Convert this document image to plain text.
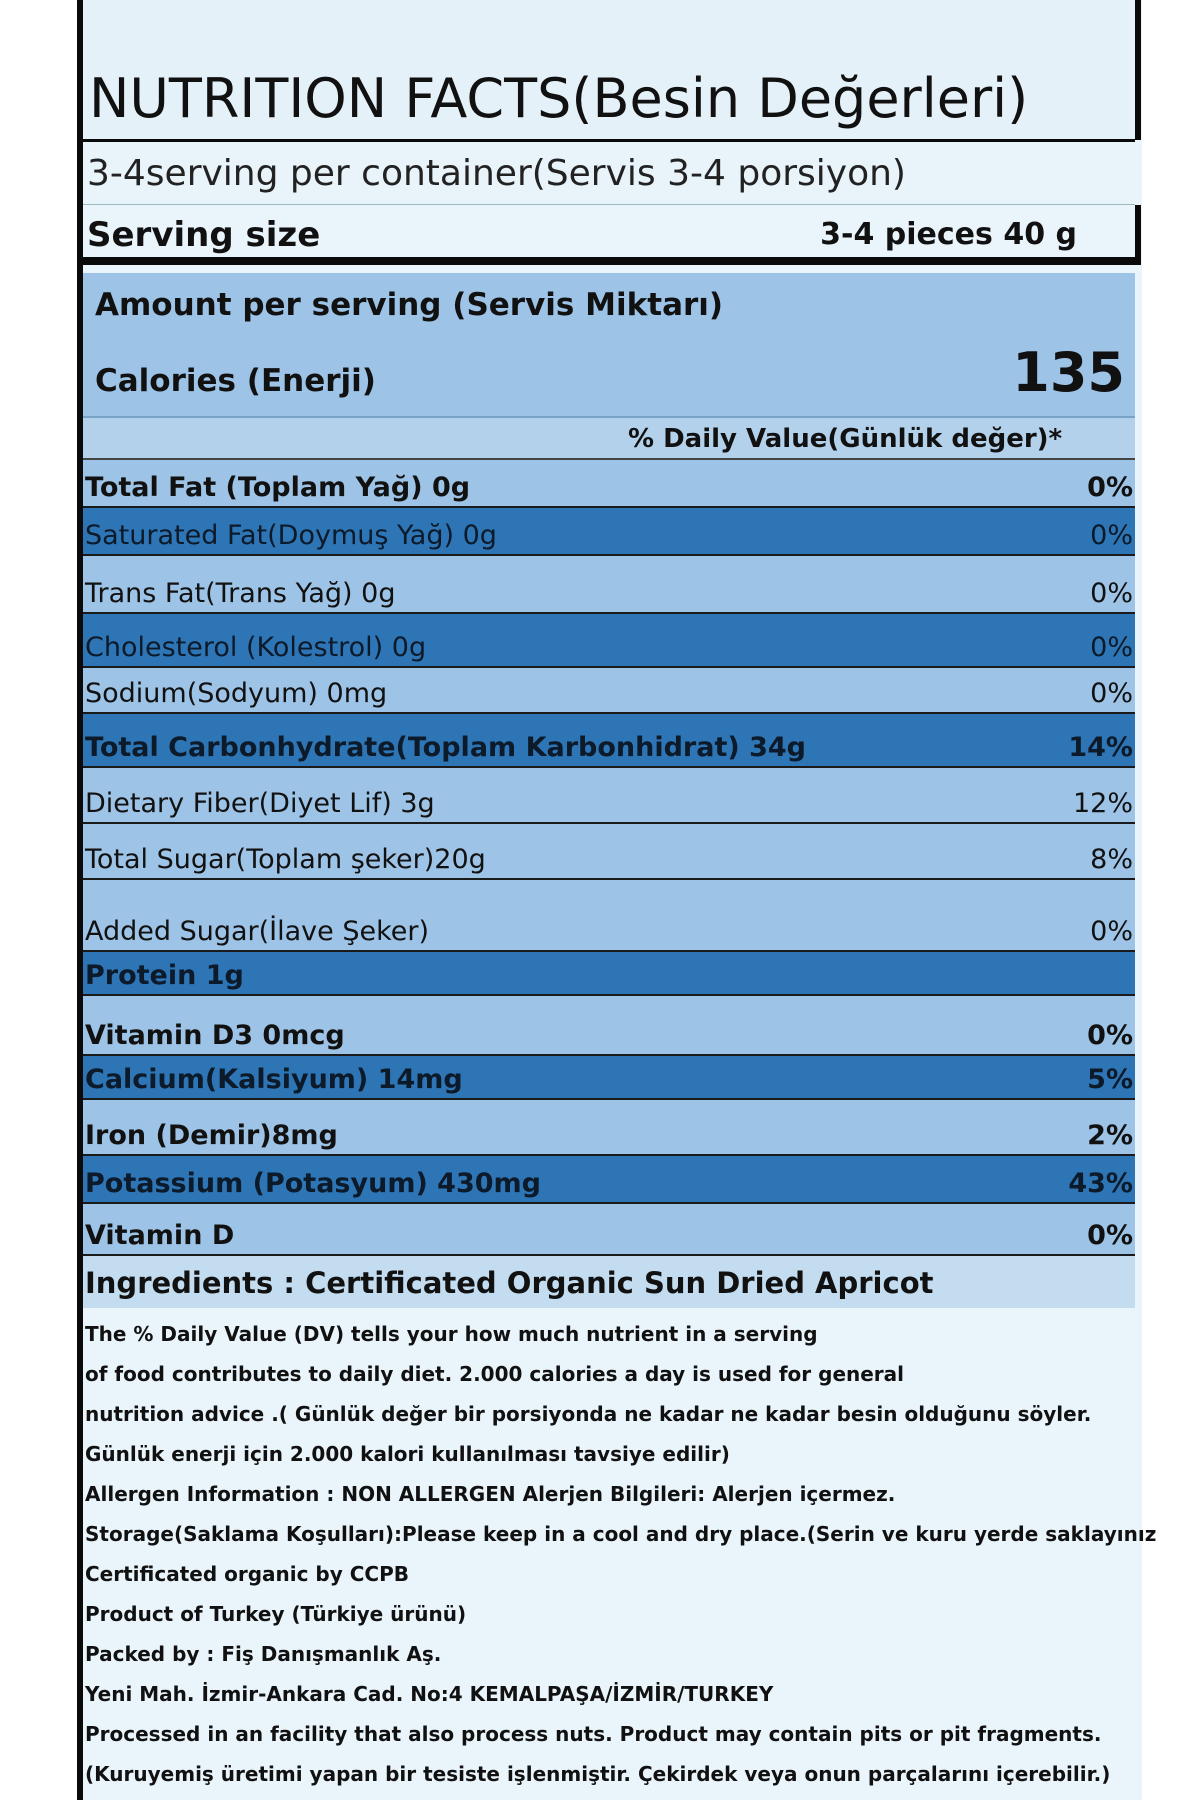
NUTRITION FACTS(Besin Değerleri)
3-4serving per container(Servis 3-4 porsiyon)
Serving size	3-4 pieces 40 g
Amount per serving (Servis Miktarı)
Calories (Enerji)	135
% Daily Value(Günlük değer)*
Total Fat (Toplam Yağ) 0g	0%
Saturated Fat(Doymuş Yağ) 0g	0%
Trans Fat(Trans Yağ) 0g	0%
Cholesterol (Kolestrol) 0g	0%
Sodium(Sodyum) 0mg	0%
Total Carbonhydrate(Toplam Karbonhidrat) 34g	14%
Dietary Fiber(Diyet Lif) 3g	12%
Total Sugar(Toplam şeker)20g	8%
Added Sugar(İlave Şeker)	0%
Protein 1g
Vitamin D3 0mcg	0%
Calcium(Kalsiyum) 14mg	5%
Iron (Demir)8mg	2%
Potassium (Potasyum) 430mg	43%
Vitamin D	0%
Ingredients : Certificated Organic Sun Dried Apricot
The % Daily Value (DV) tells your how much nutrient in a serving
of food contributes to daily diet. 2.000 calories a day is used for general
nutrition advice .( Günlük değer bir porsiyonda ne kadar ne kadar besin olduğunu söyler.
Günlük enerji için 2.000 kalori kullanılması tavsiye edilir)
Allergen Information : NON ALLERGEN Alerjen Bilgileri: Alerjen içermez.
Storage(Saklama Koşulları):Please keep in a cool and dry place.(Serin ve kuru yerde saklayınız
Certificated organic by CCPB
Product of Turkey (Türkiye ürünü)
Packed by : Fiş Danışmanlık Aş.
Yeni Mah. İzmir-Ankara Cad. No:4 KEMALPAŞA/İZMİR/TURKEY
Processed in an facility that also process nuts. Product may contain pits or pit fragments.
(Kuruyemiş üretimi yapan bir tesiste işlenmiştir. Çekirdek veya onun parçalarını içerebilir.)
